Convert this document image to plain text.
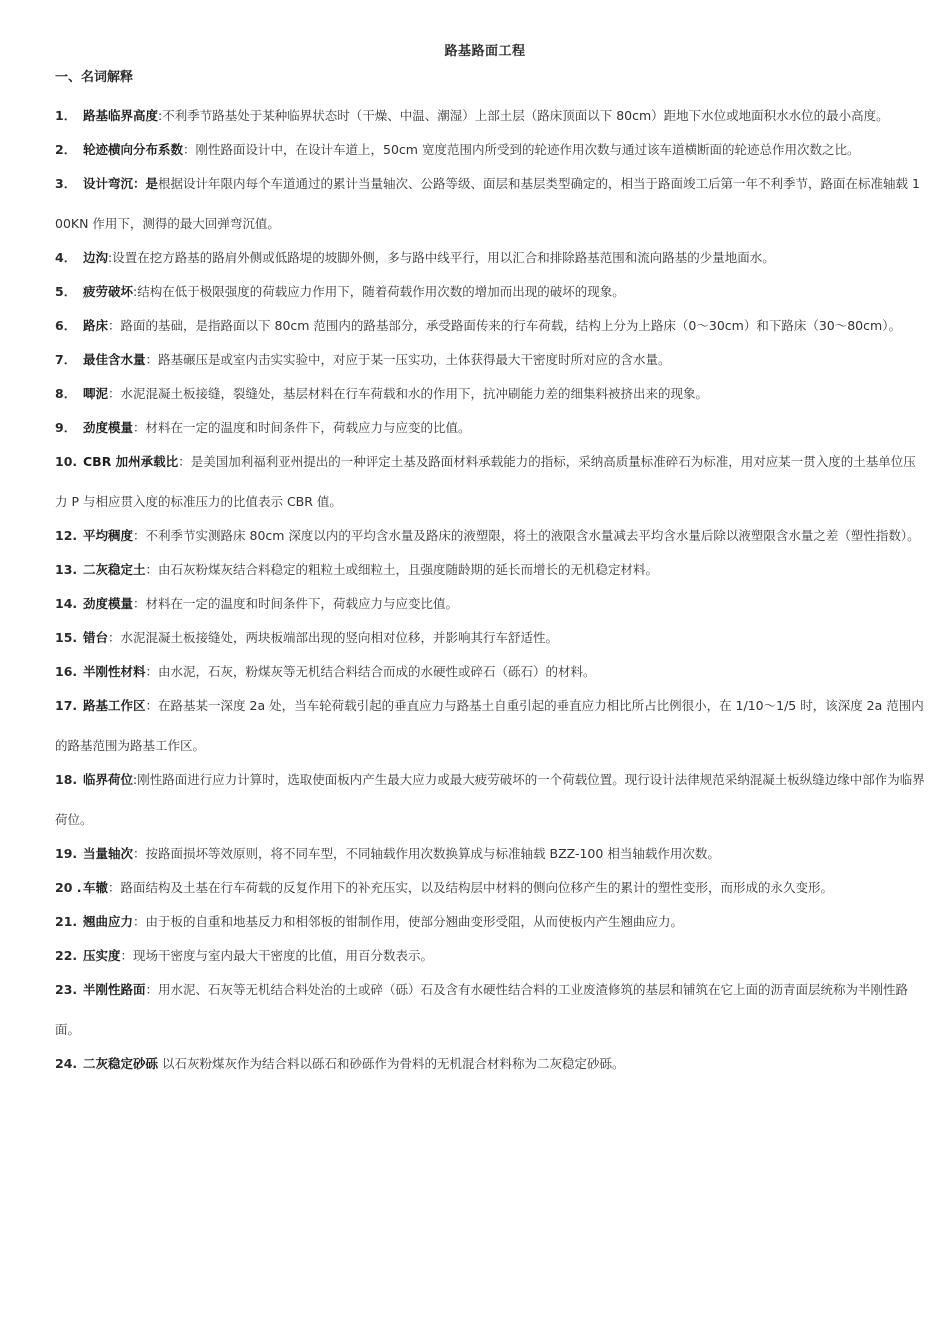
路基路面工程
一、名词解释

1． 路基临界高度:不利季节路基处于某种临界状态时（干燥、中温、潮湿）上部土层（路床顶面以下 80cm）距地下水位或地面积水水位的最小高度。

2． 轮迹横向分布系数：刚性路面设计中，在设计车道上，50cm 宽度范围内所受到的轮迹作用次数与通过该车道横断面的轮迹总作用次数之比。

3． 设计弯沉：是根据设计年限内每个车道通过的累计当量轴次、公路等级、面层和基层类型确定的，相当于路面竣工后第一年不利季节，路面在标准轴载 100KN 作用下，测得的最大回弹弯沉值。

4． 边沟:设置在挖方路基的路肩外侧或低路堤的坡脚外侧，多与路中线平行，用以汇合和排除路基范围和流向路基的少量地面水。

5． 疲劳破坏:结构在低于极限强度的荷载应力作用下，随着荷载作用次数的增加而出现的破坏的现象。

6． 路床：路面的基础，是指路面以下 80cm 范围内的路基部分，承受路面传来的行车荷载，结构上分为上路床（0～30cm）和下路床（30～80cm）。

7． 最佳含水量：路基碾压是或室内击实实验中，对应于某一压实功，土体获得最大干密度时所对应的含水量。

8． 唧泥：水泥混凝土板接缝，裂缝处，基层材料在行车荷载和水的作用下，抗冲刷能力差的细集料被挤出来的现象。

9． 劲度模量：材料在一定的温度和时间条件下，荷载应力与应变的比值。

10. CBR 加州承载比：是美国加利福利亚州提出的一种评定土基及路面材料承载能力的指标，采纳高质量标准碎石为标准，用对应某一贯入度的土基单位压力 P 与相应贯入度的标准压力的比值表示 CBR 值。

12. 平均稠度：不利季节实测路床 80cm 深度以内的平均含水量及路床的液塑限，将土的液限含水量减去平均含水量后除以液塑限含水量之差（塑性指数）。

13. 二灰稳定土：由石灰粉煤灰结合料稳定的粗粒土或细粒土，且强度随龄期的延长而增长的无机稳定材料。

14. 劲度模量：材料在一定的温度和时间条件下，荷载应力与应变比值。

15. 错台：水泥混凝土板接缝处，两块板端部出现的竖向相对位移，并影响其行车舒适性。

16. 半刚性材料：由水泥，石灰，粉煤灰等无机结合料结合而成的水硬性或碎石（砾石）的材料。

17. 路基工作区：在路基某一深度 2a 处，当车轮荷载引起的垂直应力与路基土自重引起的垂直应力相比所占比例很小，在 1/10～1/5 时，该深度 2a 范围内的路基范围为路基工作区。

18. 临界荷位:刚性路面进行应力计算时，选取使面板内产生最大应力或最大疲劳破坏的一个荷载位置。现行设计法律规范采纳混凝土板纵缝边缘中部作为临界荷位。

19. 当量轴次：按路面损坏等效原则，将不同车型，不同轴载作用次数换算成与标准轴载 BZZ-100 相当轴载作用次数。

20 . 车辙：路面结构及土基在行车荷载的反复作用下的补充压实，以及结构层中材料的侧向位移产生的累计的塑性变形，而形成的永久变形。

21. 翘曲应力：由于板的自重和地基反力和相邻板的钳制作用，使部分翘曲变形受阻，从而使板内产生翘曲应力。

22. 压实度：现场干密度与室内最大干密度的比值，用百分数表示。

23. 半刚性路面：用水泥、石灰等无机结合料处治的土或碎（砾）石及含有水硬性结合料的工业废渣修筑的基层和铺筑在它上面的沥青面层统称为半刚性路面。

24. 二灰稳定砂砾 以石灰粉煤灰作为结合料以砾石和砂砾作为骨料的无机混合材料称为二灰稳定砂砾。
